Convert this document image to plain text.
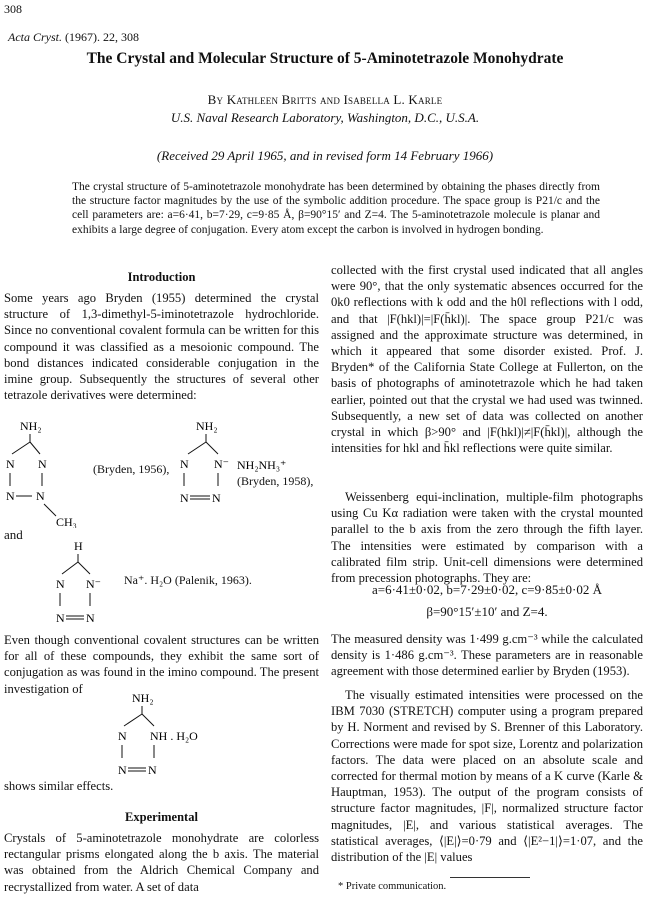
308
Acta Cryst. (1967). 22, 308
The Crystal and Molecular Structure of 5-Aminotetrazole Monohydrate
By Kathleen Britts and Isabella L. Karle
U.S. Naval Research Laboratory, Washington, D.C., U.S.A.
(Received 29 April 1965, and in revised form 14 February 1966)
The crystal structure of 5-aminotetrazole monohydrate has been determined by obtaining the phases directly from the structure factor magnitudes by the use of the symbolic addition procedure. The space group is P21/c and the cell parameters are: a=6·41, b=7·29, c=9·85 Å, β=90°15′ and Z=4. The 5-aminotetrazole molecule is planar and exhibits a large degree of conjugation. Every atom except the carbon is involved in hydrogen bonding.
Introduction
Some years ago Bryden (1955) determined the crystal structure of 1,3-dimethyl-5-iminotetrazole hydrochloride. Since no conventional covalent formula can be written for this compound it was classified as a mesoionic compound. The bond distances indicated considerable conjugation in the imine group. Subsequently the structures of several other tetrazole derivatives were determined:
NH₂
N N
N N
CH₃
(Bryden, 1956),
NH₂
N N⁻
N N
NH₂NH₃⁺
(Bryden, 1958),
and
H
N N⁻
N N
Na⁺. H₂O (Palenik, 1963).
Even though conventional covalent structures can be written for all of these compounds, they exhibit the same sort of conjugation as was found in the imino compound. The present investigation of
NH₂
N NH . H₂O
N N
shows similar effects.
Experimental
Crystals of 5-aminotetrazole monohydrate are colorless rectangular prisms elongated along the b axis. The material was obtained from the Aldrich Chemical Company and recrystallized from water. A set of data
collected with the first crystal used indicated that all angles were 90°, that the only systematic absences occurred for the 0k0 reflections with k odd and the h0l reflections with l odd, and that |F(hkl)|=|F(h̄kl)|. The space group P21/c was assigned and the approximate structure was determined, in which it appeared that some disorder existed. Prof. J. Bryden* of the California State College at Fullerton, on the basis of photographs of aminotetrazole which he had taken earlier, pointed out that the crystal we had used was twinned. Subsequently, a new set of data was collected on another crystal in which β>90° and |F(hkl)|≠|F(h̄kl)|, although the intensities for hkl and h̄kl reflections were quite similar.
Weissenberg equi-inclination, multiple-film photographs using Cu Kα radiation were taken with the crystal mounted parallel to the b axis from the zero through the fifth layer. The intensities were estimated by comparison with a calibrated film strip. Unit-cell dimensions were determined from precession photographs. They are:
a=6·41±0·02, b=7·29±0·02, c=9·85±0·02 Å
β=90°15′±10′ and Z=4.
The measured density was 1·499 g.cm⁻³ while the calculated density is 1·486 g.cm⁻³. These parameters are in reasonable agreement with those determined earlier by Bryden (1953).
The visually estimated intensities were processed on the IBM 7030 (STRETCH) computer using a program prepared by H. Norment and revised by S. Brenner of this Laboratory. Corrections were made for spot size, Lorentz and polarization factors. The data were placed on an absolute scale and corrected for thermal motion by means of a K curve (Karle & Hauptman, 1953). The output of the program consists of structure factor magnitudes, |F|, normalized structure factor magnitudes, |E|, and various statistical averages. The statistical averages, ⟨|E|⟩=0·79 and ⟨|E²−1|⟩=1·07, and the distribution of the |E| values
* Private communication.
